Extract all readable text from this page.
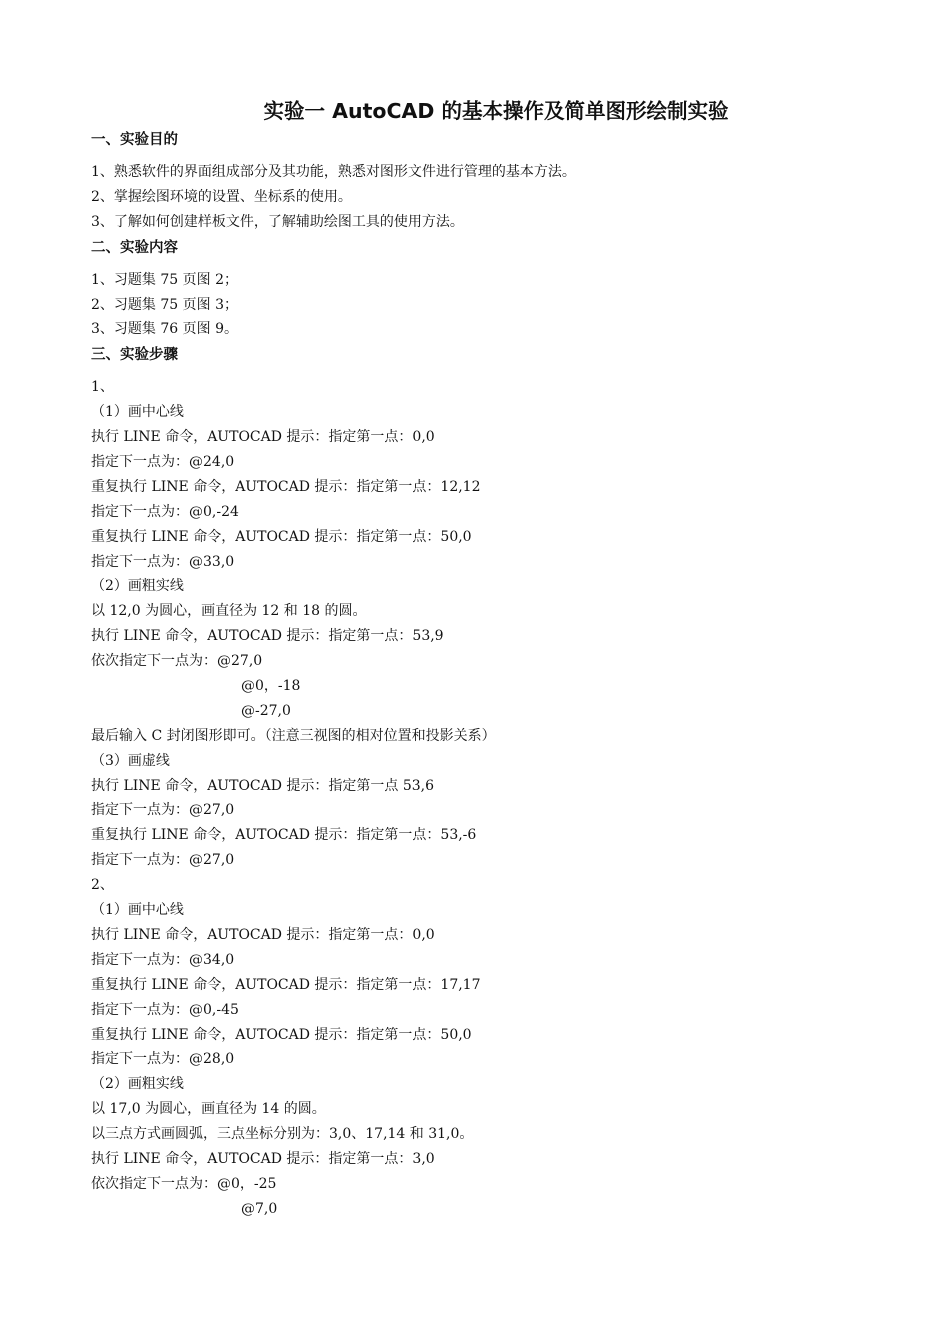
实验一 AutoCAD 的基本操作及简单图形绘制实验
一、实验目的
1、熟悉软件的界面组成部分及其功能，熟悉对图形文件进行管理的基本方法。
2、掌握绘图环境的设置、坐标系的使用。
3、了解如何创建样板文件，了解辅助绘图工具的使用方法。
二、实验内容
1、习题集 75 页图 2；
2、习题集 75 页图 3；
3、习题集 76 页图 9。
三、实验步骤
1、
（1）画中心线
执行 LINE 命令，AUTOCAD 提示：指定第一点：0,0
指定下一点为：@24,0
重复执行 LINE 命令，AUTOCAD 提示：指定第一点：12,12
指定下一点为：@0,-24
重复执行 LINE 命令，AUTOCAD 提示：指定第一点：50,0
指定下一点为：@33,0
（2）画粗实线
以 12,0 为圆心，画直径为 12 和 18 的圆。
执行 LINE 命令，AUTOCAD 提示：指定第一点：53,9
依次指定下一点为：@27,0
@0，-18
@-27,0
最后输入 C 封闭图形即可。（注意三视图的相对位置和投影关系）
（3）画虚线
执行 LINE 命令，AUTOCAD 提示：指定第一点 53,6
指定下一点为：@27,0
重复执行 LINE 命令，AUTOCAD 提示：指定第一点：53,-6
指定下一点为：@27,0
2、
（1）画中心线
执行 LINE 命令，AUTOCAD 提示：指定第一点：0,0
指定下一点为：@34,0
重复执行 LINE 命令，AUTOCAD 提示：指定第一点：17,17
指定下一点为：@0,-45
重复执行 LINE 命令，AUTOCAD 提示：指定第一点：50,0
指定下一点为：@28,0
（2）画粗实线
以 17,0 为圆心，画直径为 14 的圆。
以三点方式画圆弧，三点坐标分别为：3,0、17,14 和 31,0。
执行 LINE 命令，AUTOCAD 提示：指定第一点：3,0
依次指定下一点为：@0，-25
@7,0
